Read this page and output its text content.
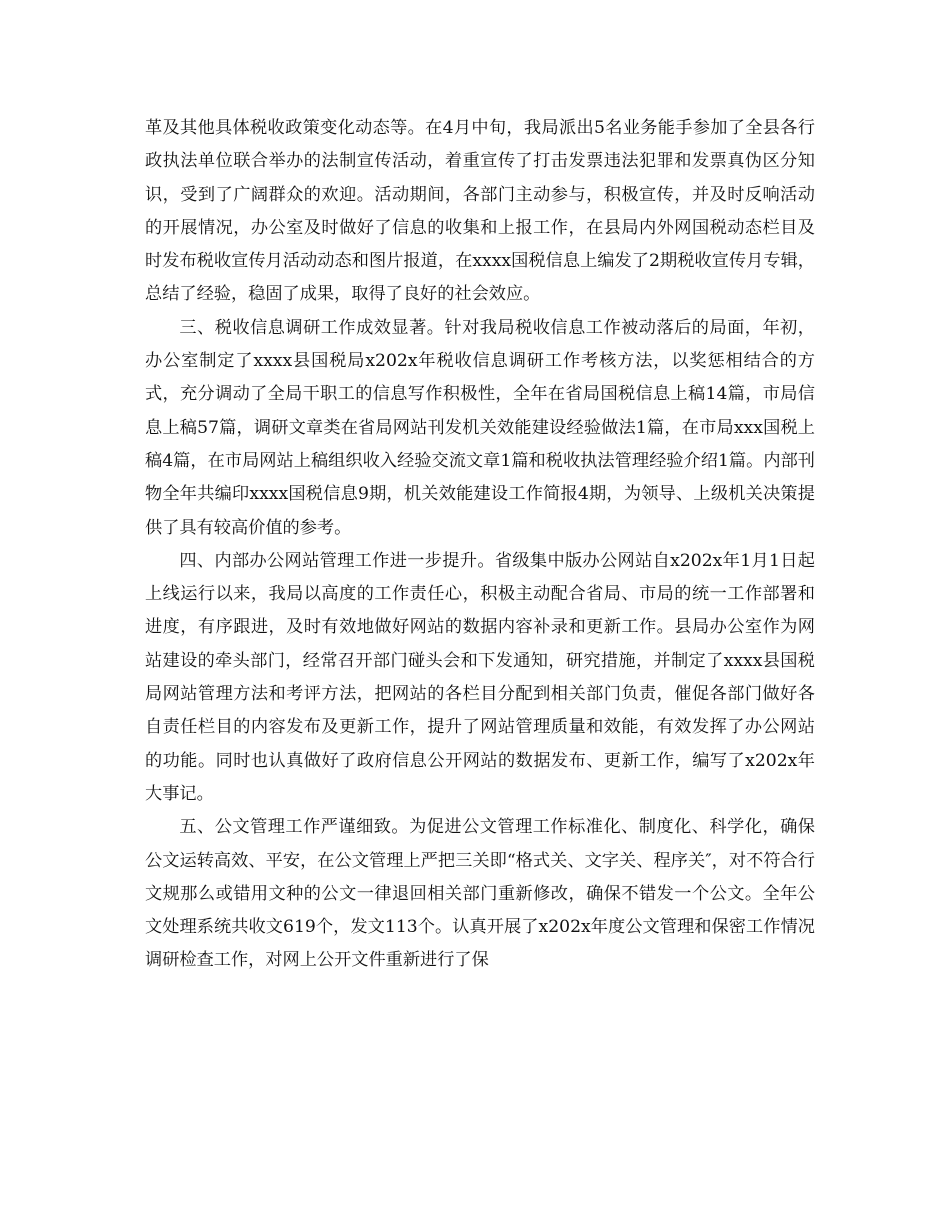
革及其他具体税收政策变化动态等。在4月中旬，我局派出5名业务能手参加了全县各行政执法单位联合举办的法制宣传活动，着重宣传了打击发票违法犯罪和发票真伪区分知识，受到了广阔群众的欢迎。活动期间，各部门主动参与，积极宣传，并及时反响活动的开展情况，办公室及时做好了信息的收集和上报工作，在县局内外网国税动态栏目及时发布税收宣传月活动动态和图片报道，在xxxx国税信息上编发了2期税收宣传月专辑，总结了经验，稳固了成果，取得了良好的社会效应。

三、税收信息调研工作成效显著。针对我局税收信息工作被动落后的局面，年初，办公室制定了xxxx县国税局x202x年税收信息调研工作考核方法，以奖惩相结合的方式，充分调动了全局干职工的信息写作积极性，全年在省局国税信息上稿14篇，市局信息上稿57篇，调研文章类在省局网站刊发机关效能建设经验做法1篇，在市局xxx国税上稿4篇，在市局网站上稿组织收入经验交流文章1篇和税收执法管理经验介绍1篇。内部刊物全年共编印xxxx国税信息9期，机关效能建设工作简报4期，为领导、上级机关决策提供了具有较高价值的参考。

四、内部办公网站管理工作进一步提升。省级集中版办公网站自x202x年1月1日起上线运行以来，我局以高度的工作责任心，积极主动配合省局、市局的统一工作部署和进度，有序跟进，及时有效地做好网站的数据内容补录和更新工作。县局办公室作为网站建设的牵头部门，经常召开部门碰头会和下发通知，研究措施，并制定了xxxx县国税局网站管理方法和考评方法，把网站的各栏目分配到相关部门负责，催促各部门做好各自责任栏目的内容发布及更新工作，提升了网站管理质量和效能，有效发挥了办公网站的功能。同时也认真做好了政府信息公开网站的数据发布、更新工作，编写了x202x年大事记。

五、公文管理工作严谨细致。为促进公文管理工作标准化、制度化、科学化，确保公文运转高效、平安，在公文管理上严把三关即“格式关、文字关、程序关″，对不符合行文规那么或错用文种的公文一律退回相关部门重新修改，确保不错发一个公文。全年公文处理系统共收文619个，发文113个。认真开展了x202x年度公文管理和保密工作情况调研检查工作，对网上公开文件重新进行了保
